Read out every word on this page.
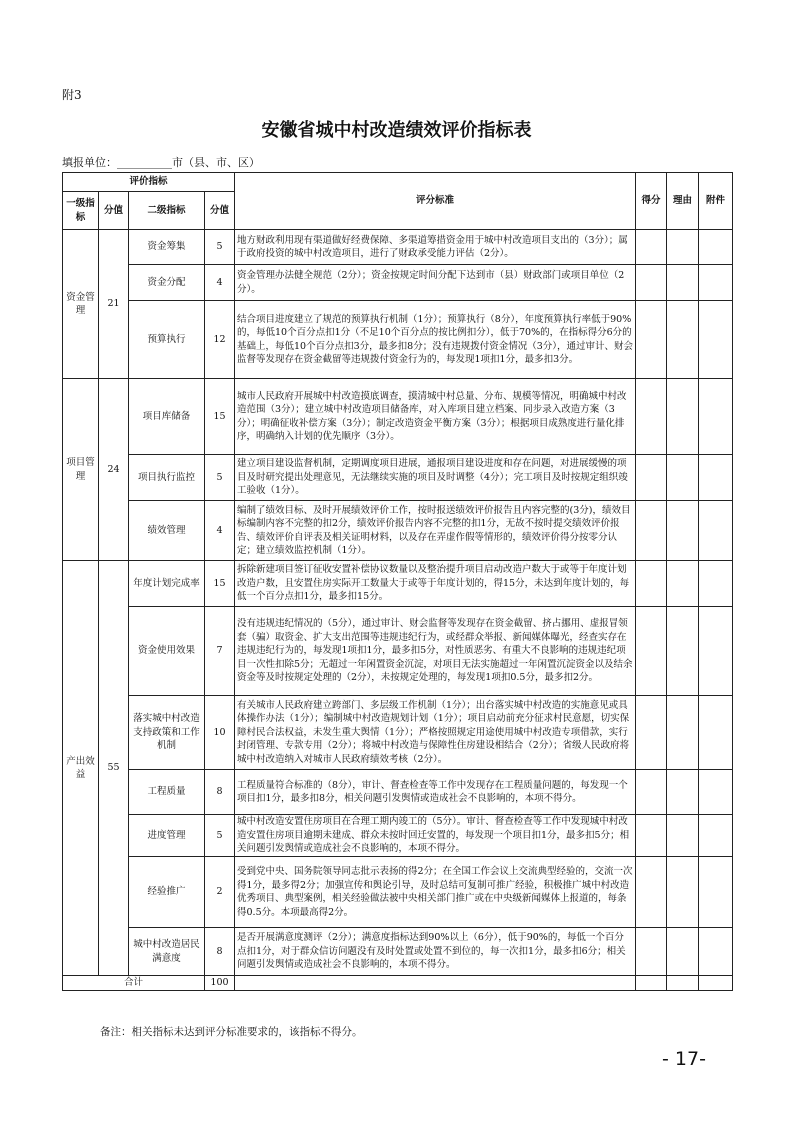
附3
安徽省城中村改造绩效评价指标表
填报单位：__________市（县、市、区）
评价指标				评分标准	得分	理由	附件
一级指标	分值	二级指标	分值				
资金管理	21	资金筹集	5	地方财政利用现有渠道做好经费保障、多渠道筹措资金用于城中村改造项目支出的（3分）；属于政府投资的城中村改造项目，进行了财政承受能力评估（2分）。			
		资金分配	4	资金管理办法健全规范（2分）；资金按规定时间分配下达到市（县）财政部门或项目单位（2分）。			
		预算执行	12	结合项目进度建立了规范的预算执行机制（1分）；预算执行（8分），年度预算执行率低于90%的，每低10个百分点扣1分（不足10个百分点的按比例扣分），低于70%的，在指标得分6分的基础上，每低10个百分点扣3分，最多扣8分；没有违规拨付资金情况（3分），通过审计、财会监督等发现存在资金截留等违规拨付资金行为的，每发现1项扣1分，最多扣3分。			
项目管理	24	项目库储备	15	城市人民政府开展城中村改造摸底调查，摸清城中村总量、分布、规模等情况，明确城中村改造范围（3分）；建立城中村改造项目储备库，对入库项目建立档案、同步录入改造方案（3分）；明确征收补偿方案（3分）；制定改造资金平衡方案（3分）；根据项目成熟度进行量化排序，明确纳入计划的优先顺序（3分）。			
		项目执行监控	5	建立项目建设监督机制，定期调度项目进展，通报项目建设进度和存在问题，对进展缓慢的项目及时研究提出处理意见，无法继续实施的项目及时调整（4分）；完工项目及时按规定组织竣工验收（1分）。			
		绩效管理	4	编制了绩效目标、及时开展绩效评价工作，按时报送绩效评价报告且内容完整的(3分)，绩效目标编制内容不完整的扣2分，绩效评价报告内容不完整的扣1分，无故不按时提交绩效评价报告、绩效评价自评表及相关证明材料，以及存在弄虚作假等情形的，绩效评价得分按零分认定；建立绩效监控机制（1分）。			
产出效益	55	年度计划完成率	15	拆除新建项目签订征收安置补偿协议数量以及整治提升项目启动改造户数大于或等于年度计划改造户数，且安置住房实际开工数量大于或等于年度计划的，得15分，未达到年度计划的，每低一个百分点扣1分，最多扣15分。			
		资金使用效果	7	没有违规违纪情况的（5分），通过审计、财会监督等发现存在资金截留、挤占挪用、虚报冒领套（骗）取资金、扩大支出范围等违规违纪行为，或经群众举报、新闻媒体曝光，经查实存在违规违纪行为的，每发现1项扣1分，最多扣5分，对性质恶劣、有重大不良影响的违规违纪项目一次性扣除5分；无超过一年闲置资金沉淀，对项目无法实施超过一年闲置沉淀资金以及结余资金等及时按规定处理的（2分），未按规定处理的，每发现1项扣0.5分，最多扣2分。			
		落实城中村改造支持政策和工作机制	10	有关城市人民政府建立跨部门、多层级工作机制（1分）；出台落实城中村改造的实施意见或具体操作办法（1分）；编制城中村改造规划计划（1分）；项目启动前充分征求村民意愿，切实保障村民合法权益，未发生重大舆情（1分）；严格按照规定用途使用城中村改造专项借款，实行封闭管理、专款专用（2分）；将城中村改造与保障性住房建设相结合（2分）；省级人民政府将城中村改造纳入对城市人民政府绩效考核（2分）。			
		工程质量	8	工程质量符合标准的（8分），审计、督查检查等工作中发现存在工程质量问题的，每发现一个项目扣1分，最多扣8分，相关问题引发舆情或造成社会不良影响的，本项不得分。			
		进度管理	5	城中村改造安置住房项目在合理工期内竣工的（5分）。审计、督查检查等工作中发现城中村改造安置住房项目逾期未建成、群众未按时回迁安置的，每发现一个项目扣1分，最多扣5分；相关问题引发舆情或造成社会不良影响的，本项不得分。			
		经验推广	2	受到党中央、国务院领导同志批示表扬的得2分；在全国工作会议上交流典型经验的，交流一次得1分，最多得2分；加强宣传和舆论引导，及时总结可复制可推广经验，积极推广城中村改造优秀项目、典型案例，相关经验做法被中央相关部门推广或在中央级新闻媒体上报道的，每条得0.5分。本项最高得2分。			
		城中村改造居民满意度	8	是否开展满意度测评（2分）；满意度指标达到90%以上（6分），低于90%的，每低一个百分点扣1分，对于群众信访问题没有及时处置或处置不到位的，每一次扣1分，最多扣6分；相关问题引发舆情或造成社会不良影响的，本项不得分。			
合计			100				
备注：相关指标未达到评分标准要求的，该指标不得分。
- 17-
